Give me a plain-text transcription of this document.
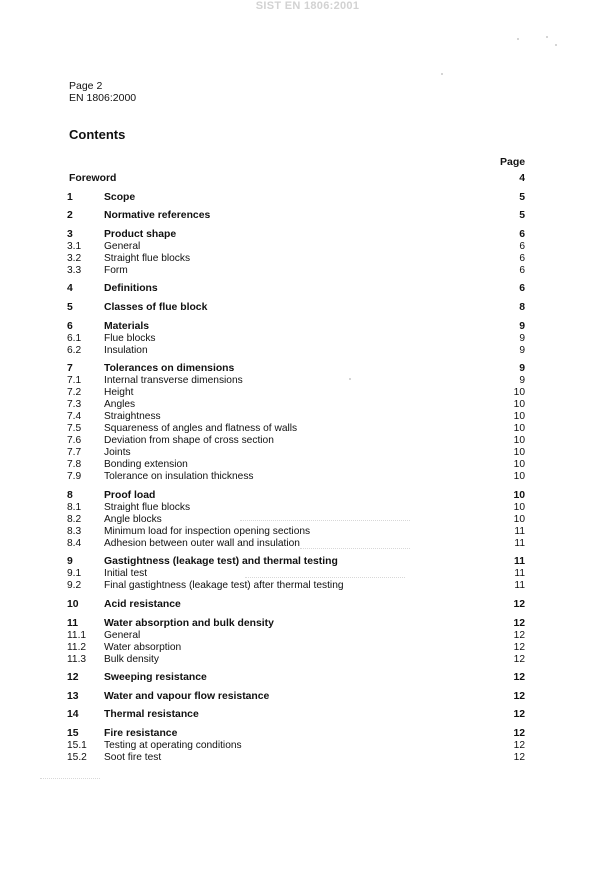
SIST EN 1806:2001
Page 2
EN 1806:2000
Contents
Page
Foreword	4
1	Scope	5
2	Normative references	5
3	Product shape	6
3.1 General	6
3.2 Straight flue blocks	6
3.3 Form	6
4	Definitions	6
5	Classes of flue block	8
6	Materials	9
6.1 Flue blocks	9
6.2 Insulation	9
7	Tolerances on dimensions	9
7.1 Internal transverse dimensions	9
7.2 Height	10
7.3 Angles	10
7.4 Straightness	10
7.5 Squareness of angles and flatness of walls	10
7.6 Deviation from shape of cross section	10
7.7 Joints	10
7.8 Bonding extension	10
7.9 Tolerance on insulation thickness	10
8	Proof load	10
8.1 Straight flue blocks	10
8.2 Angle blocks	10
8.3 Minimum load for inspection opening sections	11
8.4 Adhesion between outer wall and insulation	11
9	Gastightness (leakage test) and thermal testing	11
9.1 Initial test	11
9.2 Final gastightness (leakage test) after thermal testing	11
10 Acid resistance	12
11	Water absorption and bulk density	12
11.1 General	12
11.2 Water absorption	12
11.3 Bulk density	12
12 Sweeping resistance	12
13 Water and vapour flow resistance	12
14 Thermal resistance	12
15 Fire resistance	12
15.1 Testing at operating conditions	12
15.2 Soot fire test	12
